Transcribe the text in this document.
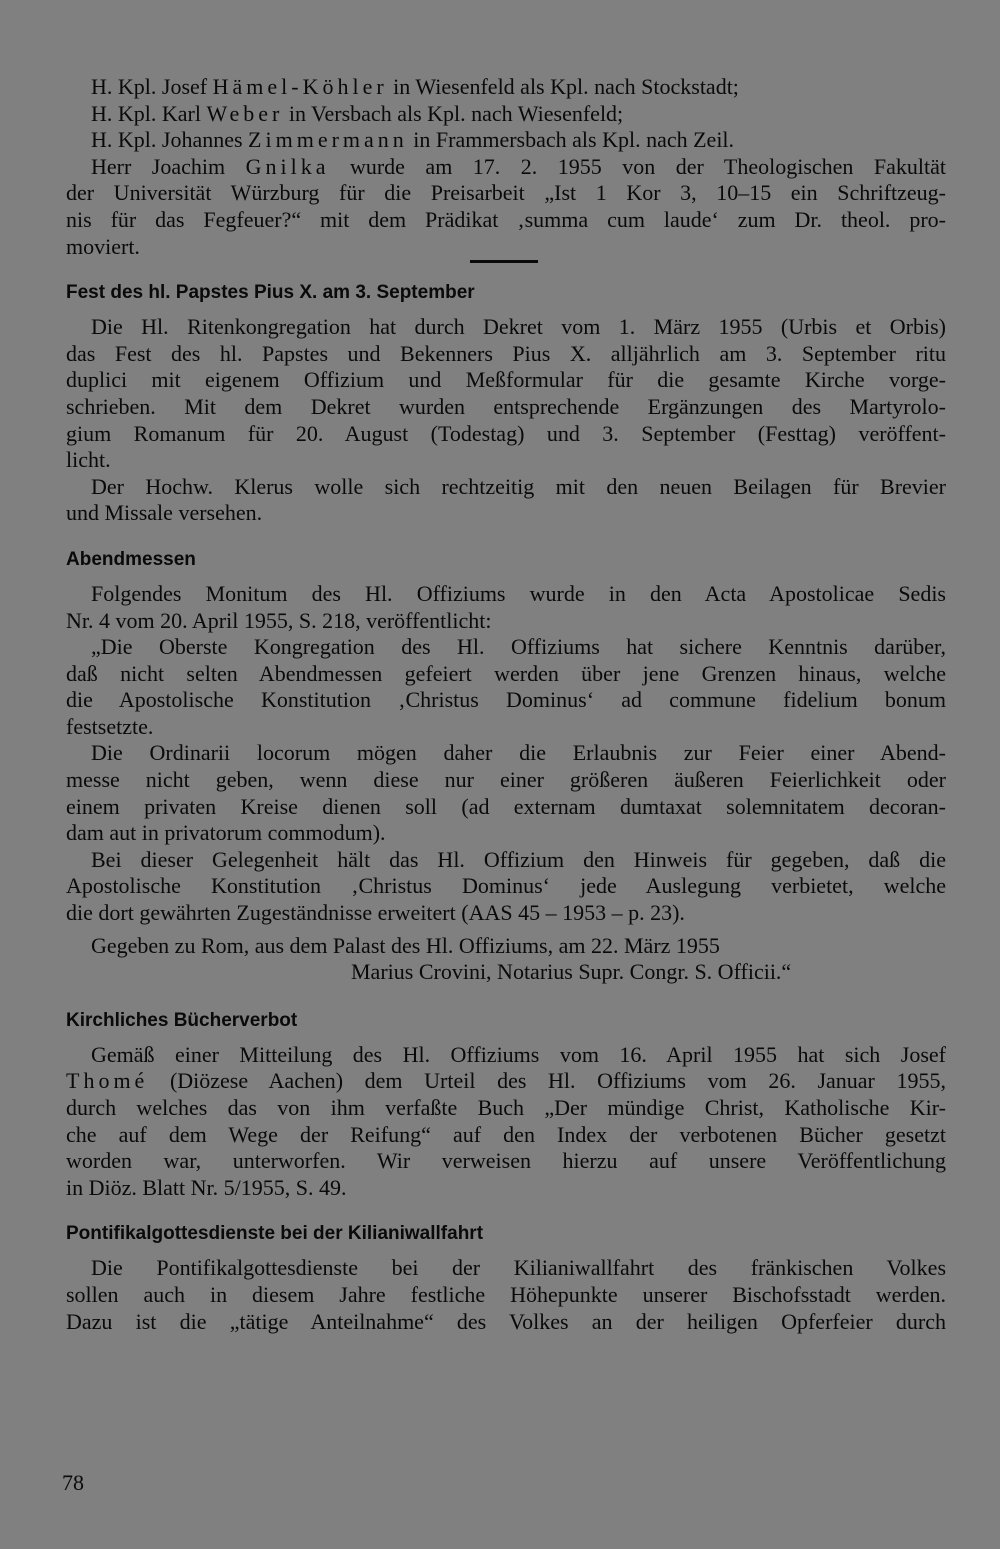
H. Kpl. Josef Hämel-Köhler in Wiesenfeld als Kpl. nach Stockstadt;
H. Kpl. Karl Weber in Versbach als Kpl. nach Wiesenfeld;
H. Kpl. Johannes Zimmermann in Frammersbach als Kpl. nach Zeil.
Herr Joachim Gnilka wurde am 17. 2. 1955 von der Theologischen Fakultät
der Universität Würzburg für die Preisarbeit „Ist 1 Kor 3, 10–15 ein Schriftzeug-
nis für das Fegfeuer?“ mit dem Prädikat ‚summa cum laude‘ zum Dr. theol. pro-
moviert.
Fest des hl. Papstes Pius X. am 3. September
Die Hl. Ritenkongregation hat durch Dekret vom 1. März 1955 (Urbis et Orbis)
das Fest des hl. Papstes und Bekenners Pius X. alljährlich am 3. September ritu
duplici mit eigenem Offizium und Meßformular für die gesamte Kirche vorge-
schrieben. Mit dem Dekret wurden entsprechende Ergänzungen des Martyrolo-
gium Romanum für 20. August (Todestag) und 3. September (Festtag) veröffent-
licht.
Der Hochw. Klerus wolle sich rechtzeitig mit den neuen Beilagen für Brevier
und Missale versehen.
Abendmessen
Folgendes Monitum des Hl. Offiziums wurde in den Acta Apostolicae Sedis
Nr. 4 vom 20. April 1955, S. 218, veröffentlicht:
„Die Oberste Kongregation des Hl. Offiziums hat sichere Kenntnis darüber,
daß nicht selten Abendmessen gefeiert werden über jene Grenzen hinaus, welche
die Apostolische Konstitution ‚Christus Dominus‘ ad commune fidelium bonum
festsetzte.
Die Ordinarii locorum mögen daher die Erlaubnis zur Feier einer Abend-
messe nicht geben, wenn diese nur einer größeren äußeren Feierlichkeit oder
einem privaten Kreise dienen soll (ad externam dumtaxat solemnitatem decoran-
dam aut in privatorum commodum).
Bei dieser Gelegenheit hält das Hl. Offizium den Hinweis für gegeben, daß die
Apostolische Konstitution ‚Christus Dominus‘ jede Auslegung verbietet, welche
die dort gewährten Zugeständnisse erweitert (AAS 45 – 1953 – p. 23).
Gegeben zu Rom, aus dem Palast des Hl. Offiziums, am 22. März 1955
Marius Crovini, Notarius Supr. Congr. S. Officii.“
Kirchliches Bücherverbot
Gemäß einer Mitteilung des Hl. Offiziums vom 16. April 1955 hat sich Josef
Thomé (Diözese Aachen) dem Urteil des Hl. Offiziums vom 26. Januar 1955,
durch welches das von ihm verfaßte Buch „Der mündige Christ, Katholische Kir-
che auf dem Wege der Reifung“ auf den Index der verbotenen Bücher gesetzt
worden war, unterworfen. Wir verweisen hierzu auf unsere Veröffentlichung
in Diöz. Blatt Nr. 5/1955, S. 49.
Pontifikalgottesdienste bei der Kilianiwallfahrt
Die Pontifikalgottesdienste bei der Kilianiwallfahrt des fränkischen Volkes
sollen auch in diesem Jahre festliche Höhepunkte unserer Bischofsstadt werden.
Dazu ist die „tätige Anteilnahme“ des Volkes an der heiligen Opferfeier durch
78
